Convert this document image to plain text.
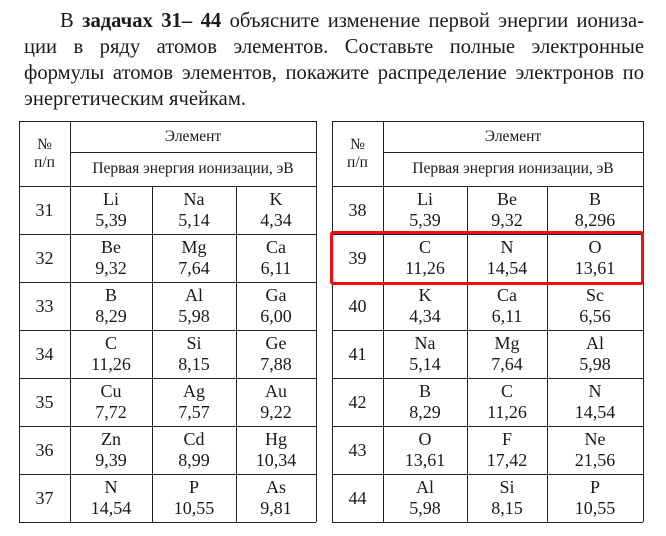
В задачах 31– 44 объясните изменение первой энергии иониза-ции в ряду атомов элементов. Составьте полные электронные формулы атомов элементов, покажите распределение электронов по энергетическим ячейкам.

№
п/п
Элемент
Первая энергия ионизации, эВ
31
Li
5,39
Na
5,14
K
4,34
32
Be
9,32
Mg
7,64
Ca
6,11
33
B
8,29
Al
5,98
Ga
6,00
34
C
11,26
Si
8,15
Ge
7,88
35
Cu
7,72
Ag
7,57
Au
9,22
36
Zn
9,39
Cd
8,99
Hg
10,34
37
N
14,54
P
10,55
As
9,81
№
п/п
Элемент
Первая энергия ионизации, эВ
38
Li
5,39
Be
9,32
B
8,296
39
C
11,26
N
14,54
O
13,61
40
K
4,34
Ca
6,11
Sc
6,56
41
Na
5,14
Mg
7,64
Al
5,98
42
B
8,29
C
11,26
N
14,54
43
O
13,61
F
17,42
Ne
21,56
44
Al
5,98
Si
8,15
P
10,55
